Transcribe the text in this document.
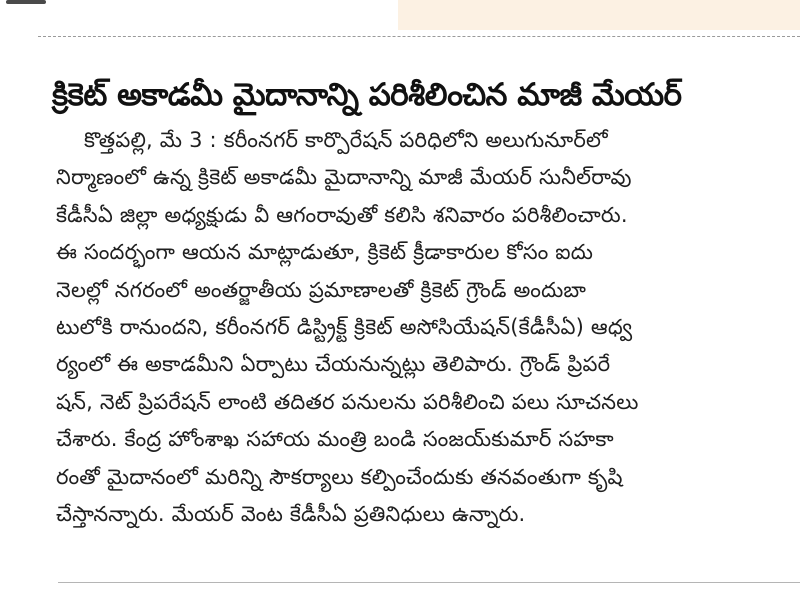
క్రికెట్ అకాడమీ మైదానాన్ని పరిశీలించిన మాజీ మేయర్
కొత్తపల్లి, మే 3 : కరీంనగర్ కార్పొరేషన్ పరిధిలోని అలుగునూర్‌లో
నిర్మాణంలో ఉన్న క్రికెట్ అకాడమీ మైదానాన్ని మాజీ మేయర్ సునీల్‌రావు
కేడీసీఏ జిల్లా అధ్యక్షుడు వీ ఆగంరావుతో కలిసి శనివారం పరిశీలించారు.
ఈ సందర్భంగా ఆయన మాట్లాడుతూ, క్రికెట్ క్రీడాకారుల కోసం ఐదు
నెలల్లో నగరంలో అంతర్జాతీయ ప్రమాణాలతో క్రికెట్ గ్రౌండ్ అందుబా
టులోకి రానుందని, కరీంనగర్ డిస్ట్రిక్ట్ క్రికెట్ అసోసియేషన్(కేడీసీఏ) ఆధ్వ
ర్యంలో ఈ అకాడమీని ఏర్పాటు చేయనున్నట్లు తెలిపారు. గ్రౌండ్ ప్రిపరే
షన్, నెట్ ప్రిపరేషన్ లాంటి తదితర పనులను పరిశీలించి పలు సూచనలు
చేశారు. కేంద్ర హోంశాఖ సహాయ మంత్రి బండి సంజయ్‌కుమార్ సహకా
రంతో మైదానంలో మరిన్ని సౌకర్యాలు కల్పించేందుకు తనవంతుగా కృషి
చేస్తానన్నారు. మేయర్ వెంట కేడీసీఏ ప్రతినిధులు ఉన్నారు.
